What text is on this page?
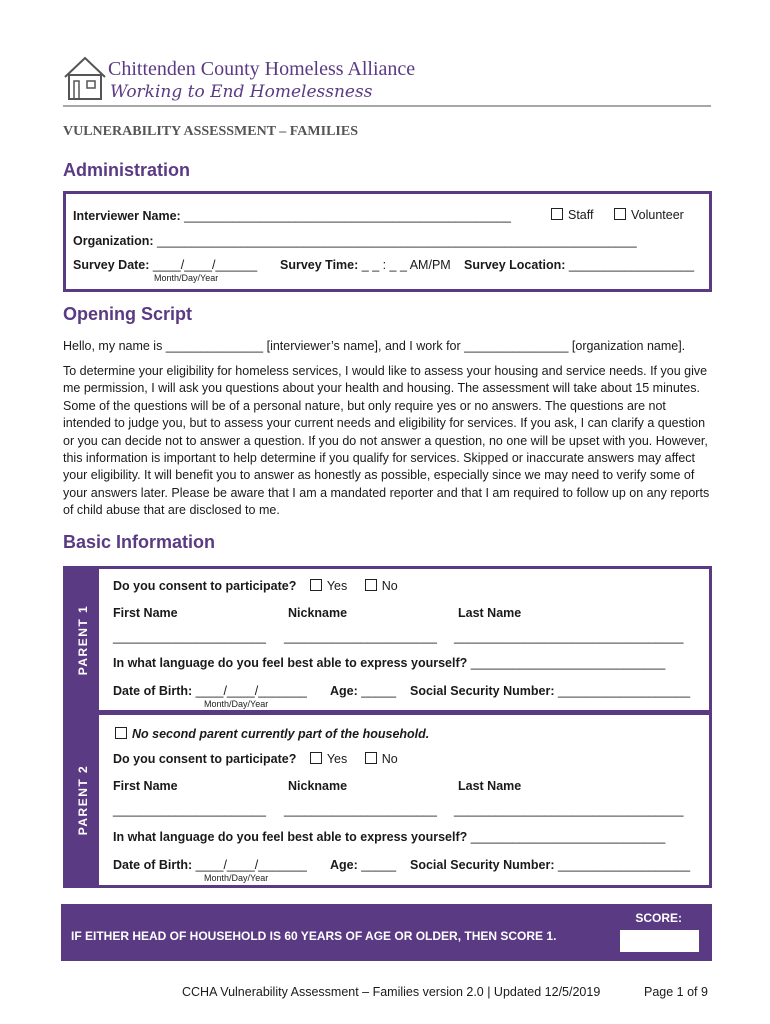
Chittenden County Homeless Alliance
Working to End Homelessness
VULNERABILITY ASSESSMENT – FAMILIES
Administration
Interviewer Name: _______________________________________________	Staff	Volunteer
Organization: _____________________________________________________________________
Survey Date: ____/____/______
Month/Day/Year
Survey Time: _ _ : _ _ AM/PM Survey Location: __________________
Opening Script
Hello, my name is ______________ [interviewer’s name], and I work for _______________ [organization name].
To determine your eligibility for homeless services, I would like to assess your housing and service needs. If you give me permission, I will ask you questions about your health and housing. The assessment will take about 15 minutes. Some of the questions will be of a personal nature, but only require yes or no answers. The questions are not intended to judge you, but to assess your current needs and eligibility for services. If you ask, I can clarify a question or you can decide not to answer a question. If you do not answer a question, no one will be upset with you. However, this information is important to help determine if you qualify for services. Skipped or inaccurate answers may affect your eligibility. It will benefit you to answer as honestly as possible, especially since we may need to verify some of your answers later. Please be aware that I am a mandated reporter and that I am required to follow up on any reports of child abuse that are disclosed to me.
Basic Information
PARENT 1
Do you consent to participate? Yes	No
First Name	Nickname	Last Name
______________________ ______________________ _________________________________
In what language do you feel best able to express yourself? ____________________________
Date of Birth: ____/____/_______
Month/Day/Year
Age: _____ Social Security Number: ___________________
PARENT 2
No second parent currently part of the household.
Do you consent to participate? Yes	No
First Name	Nickname	Last Name
______________________ ______________________ _________________________________
In what language do you feel best able to express yourself? ____________________________
Date of Birth: ____/____/_______
Month/Day/Year
Age: _____ Social Security Number: ___________________
IF EITHER HEAD OF HOUSEHOLD IS 60 YEARS OF AGE OR OLDER, THEN SCORE 1.
SCORE:
CCHA Vulnerability Assessment – Families version 2.0 | Updated 12/5/2019	Page 1 of 9
